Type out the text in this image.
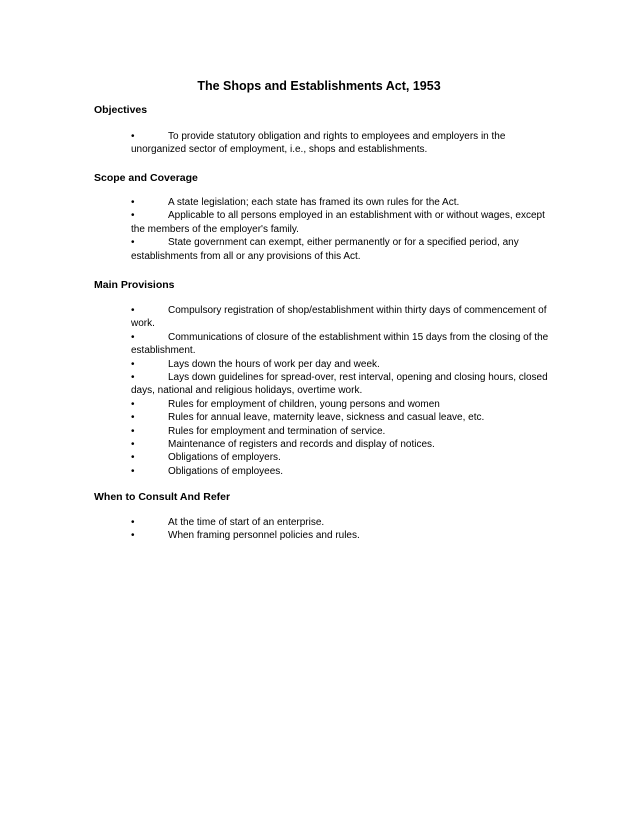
The Shops and Establishments Act, 1953
Objectives
•	To provide statutory obligation and rights to employees and employers in the unorganized sector of employment, i.e., shops and establishments.
Scope and Coverage
•	A state legislation; each state has framed its own rules for the Act.
•	Applicable to all persons employed in an establishment with or without wages, except the members of the employer's family.
•	State government can exempt, either permanently or for a specified period, any establishments from all or any provisions of this Act.
Main Provisions
•	Compulsory registration of shop/establishment within thirty days of commencement of work.
•	Communications of closure of the establishment within 15 days from the closing of the establishment.
•	Lays down the hours of work per day and week.
•	Lays down guidelines for spread-over, rest interval, opening and closing hours, closed days, national and religious holidays, overtime work.
•	Rules for employment of children, young persons and women
•	Rules for annual leave, maternity leave, sickness and casual leave, etc.
•	Rules for employment and termination of service.
•	Maintenance of registers and records and display of notices.
•	Obligations of employers.
•	Obligations of employees.
When to Consult And Refer
•	At the time of start of an enterprise.
•	When framing personnel policies and rules.
